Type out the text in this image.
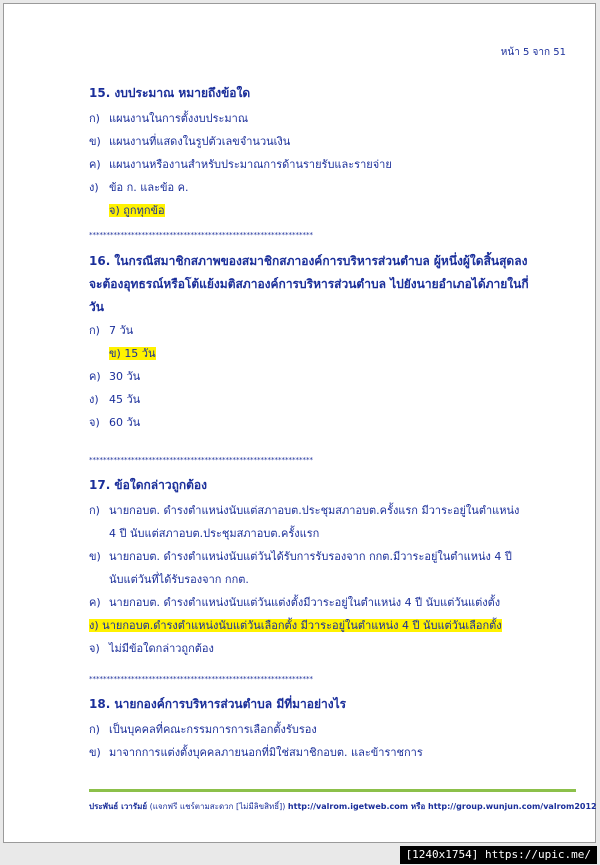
หน้า 5 จาก 51
15. งบประมาณ หมายถึงข้อใด
ก) แผนงานในการตั้งงบประมาณ
ข) แผนงานที่แสดงในรูปตัวเลขจำนวนเงิน
ค) แผนงานหรืองานสำหรับประมาณการด้านรายรับและรายจ่าย
ง) ข้อ ก. และข้อ ค.
จ) ถูกทุกข้อ
****************************************************************
16. ในกรณีสมาชิกสภาพของสมาชิกสภาองค์การบริหารส่วนตำบล ผู้หนึ่งผู้ใดสิ้นสุดลง
จะต้องอุทธรณ์หรือโต้แย้งมติสภาองค์การบริหารส่วนตำบล ไปยังนายอำเภอได้ภายในกี่
วัน
ก) 7 วัน
ข) 15 วัน
ค) 30 วัน
ง) 45 วัน
จ) 60 วัน
****************************************************************
17. ข้อใดกล่าวถูกต้อง
ก) นายกอบต. ดำรงตำแหน่งนับแต่สภาอบต.ประชุมสภาอบต.ครั้งแรก มีวาระอยู่ในตำแหน่ง
4 ปี นับแต่สภาอบต.ประชุมสภาอบต.ครั้งแรก
ข) นายกอบต. ดำรงตำแหน่งนับแต่วันได้รับการรับรองจาก กกต.มีวาระอยู่ในตำแหน่ง 4 ปี
นับแต่วันที่ได้รับรองจาก กกต.
ค) นายกอบต. ดำรงตำแหน่งนับแต่วันแต่งตั้งมีวาระอยู่ในตำแหน่ง 4 ปี นับแต่วันแต่งตั้ง
ง) นายกอบต.ดำรงตำแหน่งนับแต่วันเลือกตั้ง มีวาระอยู่ในตำแหน่ง 4 ปี นับแต่วันเลือกตั้ง
จ) ไม่มีข้อใดกล่าวถูกต้อง
****************************************************************
18. นายกองค์การบริหารส่วนตำบล มีที่มาอย่างไร
ก) เป็นบุคคลที่คณะกรรมการการเลือกตั้งรับรอง
ข) มาจากการแต่งตั้งบุคคลภายนอกที่มิใช่สมาชิกอบต. และข้าราชการ
ประพันธ์ เวารัมย์ (แจกฟรี แชร์ตามสะดวก [ไม่มีลิขสิทธิ์]) http://valrom.igetweb.com หรือ http://group.wunjun.com/valrom2012
[1240x1754] https://upic.me/
